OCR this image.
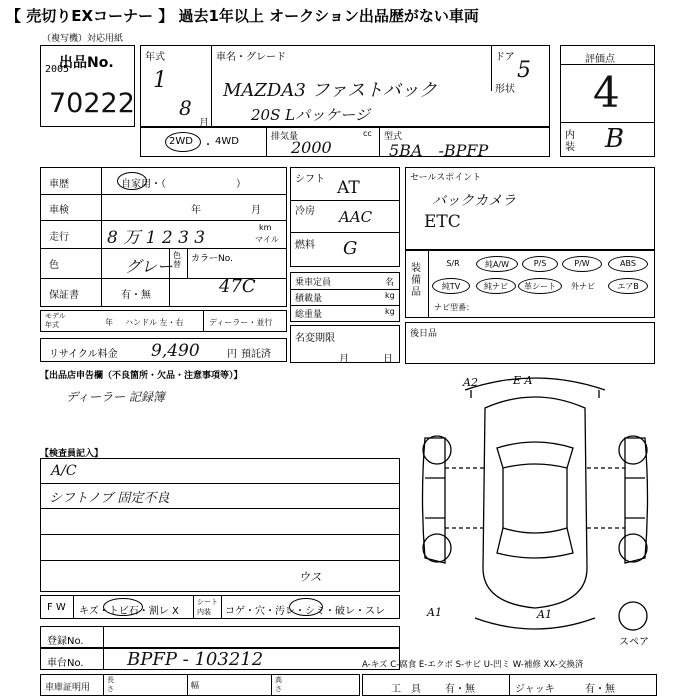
【 売切りEXコーナー 】 過去1年以上 オークション出品歴がない車両
（複写機）対応用紙
出品No.
2005
70222
年式
1
8
月
車名・グレード
MAZDA3 ファストバック
20S Lパッケージ
ドア
5
形状
評価点
4
内装 B
2WD ・ 4WD	排気量	cc
2000
型式
5BA　-BPFP
車歴	自家用・（　　　　　　　）
車検	年	月
走行 8 万 1 2 3 3
km
マイル
色	グレー
色替
カラーNo.
47C
保証書	有・無
モデル年式	年 ハンドル 左・右	ディーラー・並行
リサイクル料金 9,490	円 預託済
シフト AT
冷房 AAC
燃料 G
乗車定員	名
積載量	kg
総重量	kg
名変期限
月	日
セールスポイント
バックカメラ
ETC
装備品
S/R	純A/W	P/S	P/W	ABS
純TV	純ナビ	革シート	外ナビ	エアB
ナビ型番：
後日品
【出品店申告欄（不良箇所・欠品・注意事項等）】
ディーラー 記録簿
【検査員記入】
A/C
シフトノブ 固定不良
F W キズ・トビ石・割レ X
シート内装	コゲ・穴・汚レ・シミ・破レ・スレ
ウス
登録No.
車台No. BPFP - 103212
車庫証明用
長さ	幅
高さ
A-キズ C-腐食 E-エクボ S-サビ U-凹ミ W-補修 XX-交換済
工　具 有・無	ジャッキ	有・無
A2	E A
A1	A1
スペア
